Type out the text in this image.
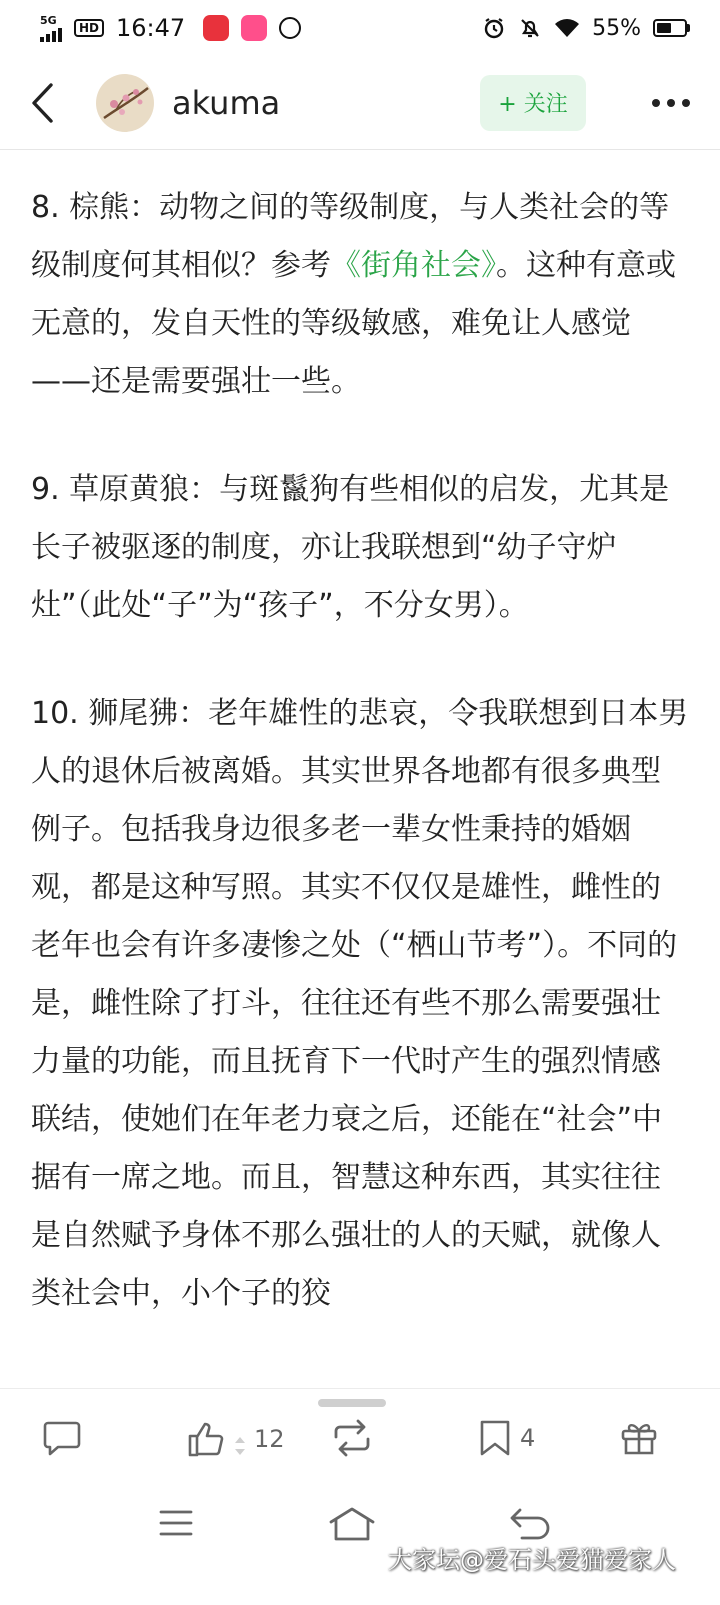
5G
HD 16:47	55%
akuma	+ 关注

8. 棕熊：动物之间的等级制度，与人类社会的等级制度何其相似？参考《街角社会》。这种有意或无意的，发自天性的等级敏感，难免让人感觉——还是需要强壮一些。

9. 草原黄狼：与斑鬣狗有些相似的启发，尤其是长子被驱逐的制度，亦让我联想到“幼子守炉灶”（此处“子”为“孩子”，不分女男）。

10. 狮尾狒：老年雄性的悲哀，令我联想到日本男人的退休后被离婚。其实世界各地都有很多典型例子。包括我身边很多老一辈女性秉持的婚姻观，都是这种写照。其实不仅仅是雄性，雌性的老年也会有许多凄惨之处（“栖山节考”）。不同的是，雌性除了打斗，往往还有些不那么需要强壮力量的功能，而且抚育下一代时产生的强烈情感联结，使她们在年老力衰之后，还能在“社会”中据有一席之地。而且，智慧这种东西，其实往往是自然赋予身体不那么强壮的人的天赋，就像人类社会中，小个子的狡

12	4
大家坛@爱石头爱猫爱家人
